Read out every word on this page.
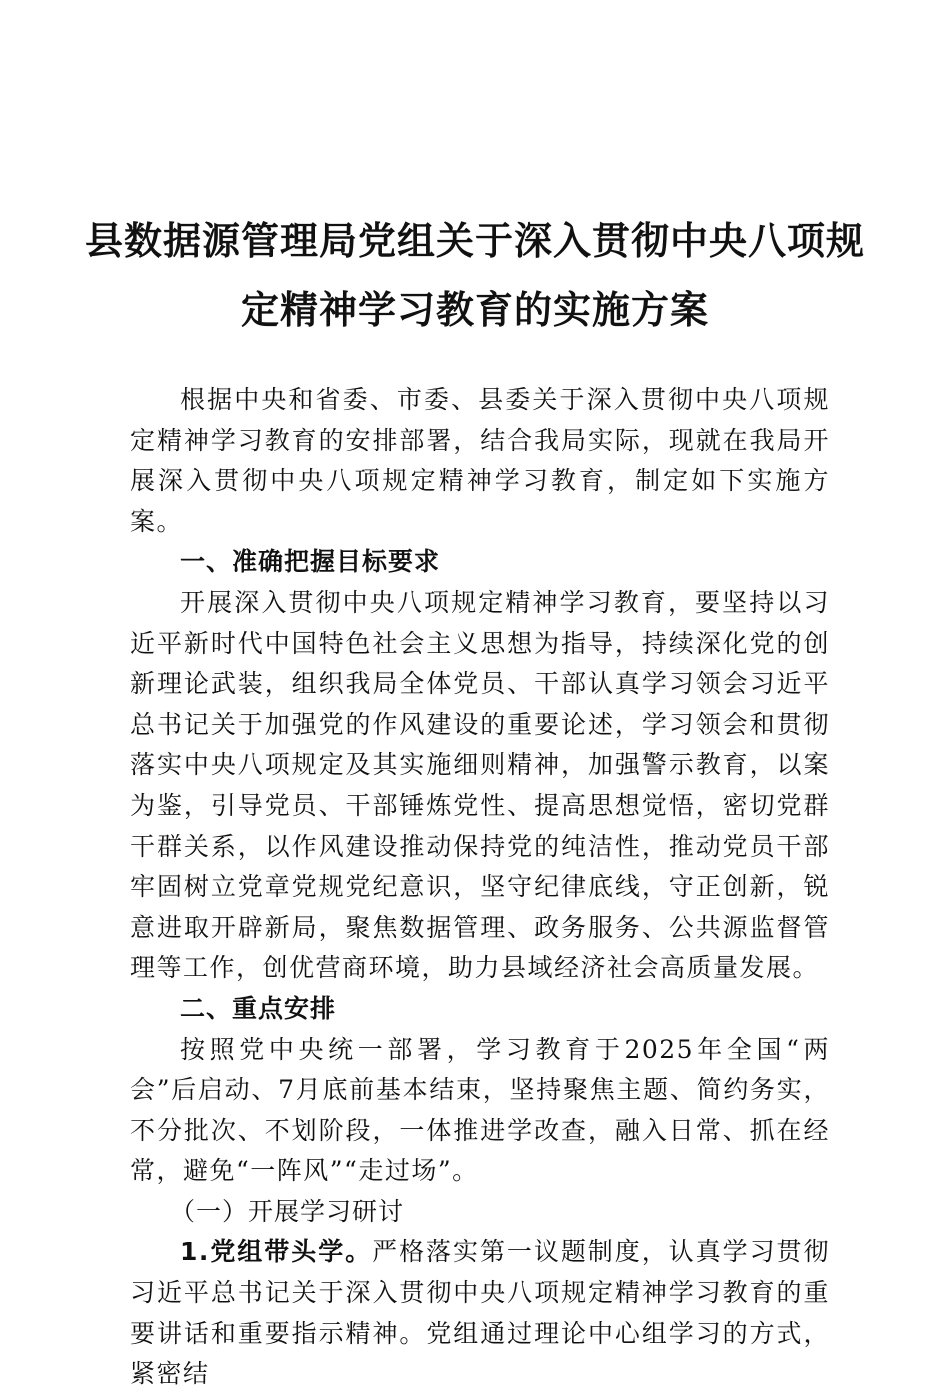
县数据源管理局党组关于深入贯彻中央八项规
定精神学习教育的实施方案

根据中央和省委、市委、县委关于深入贯彻中央八项规定精神学习教育的安排部署，结合我局实际，现就在我局开展深入贯彻中央八项规定精神学习教育，制定如下实施方案。

一、准确把握目标要求

开展深入贯彻中央八项规定精神学习教育，要坚持以习近平新时代中国特色社会主义思想为指导，持续深化党的创新理论武装，组织我局全体党员、干部认真学习领会习近平总书记关于加强党的作风建设的重要论述，学习领会和贯彻落实中央八项规定及其实施细则精神，加强警示教育，以案为鉴，引导党员、干部锤炼党性、提高思想觉悟，密切党群干群关系，以作风建设推动保持党的纯洁性，推动党员干部牢固树立党章党规党纪意识，坚守纪律底线，守正创新，锐意进取开辟新局，聚焦数据管理、政务服务、公共源监督管理等工作，创优营商环境，助力县域经济社会高质量发展。

二、重点安排

按照党中央统一部署，学习教育于2025年全国“两会”后启动、7月底前基本结束，坚持聚焦主题、简约务实，不分批次、不划阶段，一体推进学改查，融入日常、抓在经常，避免“一阵风”“走过场”。

（一）开展学习研讨

1.党组带头学。严格落实第一议题制度，认真学习贯彻习近平总书记关于深入贯彻中央八项规定精神学习教育的重要讲话和重要指示精神。党组通过理论中心组学习的方式，紧密结
